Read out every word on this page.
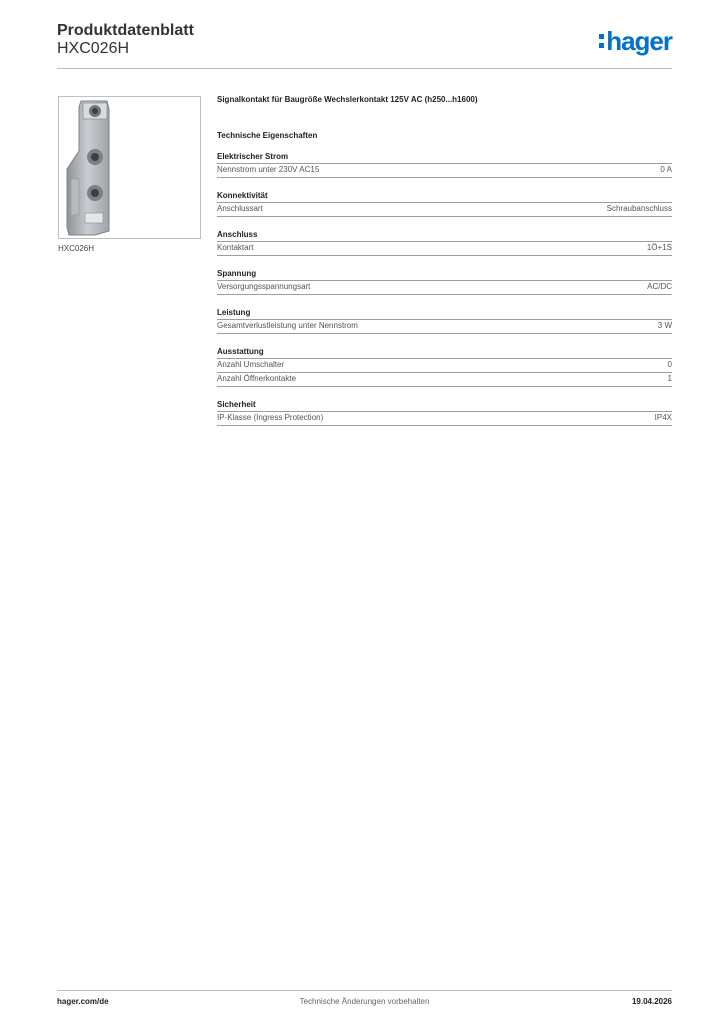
Produktdatenblatt
HXC026H	hager
HXC026H
Signalkontakt für Baugröße Wechslerkontakt 125V AC (h250...h1600)
Technische Eigenschaften
Elektrischer Strom
Nennstrom unter 230V AC15	0 A
Konnektivität
Anschlussart	Schraubanschluss
Anschluss
Kontaktart	1Ö+1S
Spannung
Versorgungsspannungsart	AC/DC
Leistung
Gesamtverlustleistung unter Nennstrom	3 W
Ausstattung
Anzahl Umschalter	0
Anzahl Öffnerkontakte	1
Sicherheit
IP-Klasse (Ingress Protection)	IP4X
hager.com/de	Technische Änderungen vorbehalten	19.04.2026
